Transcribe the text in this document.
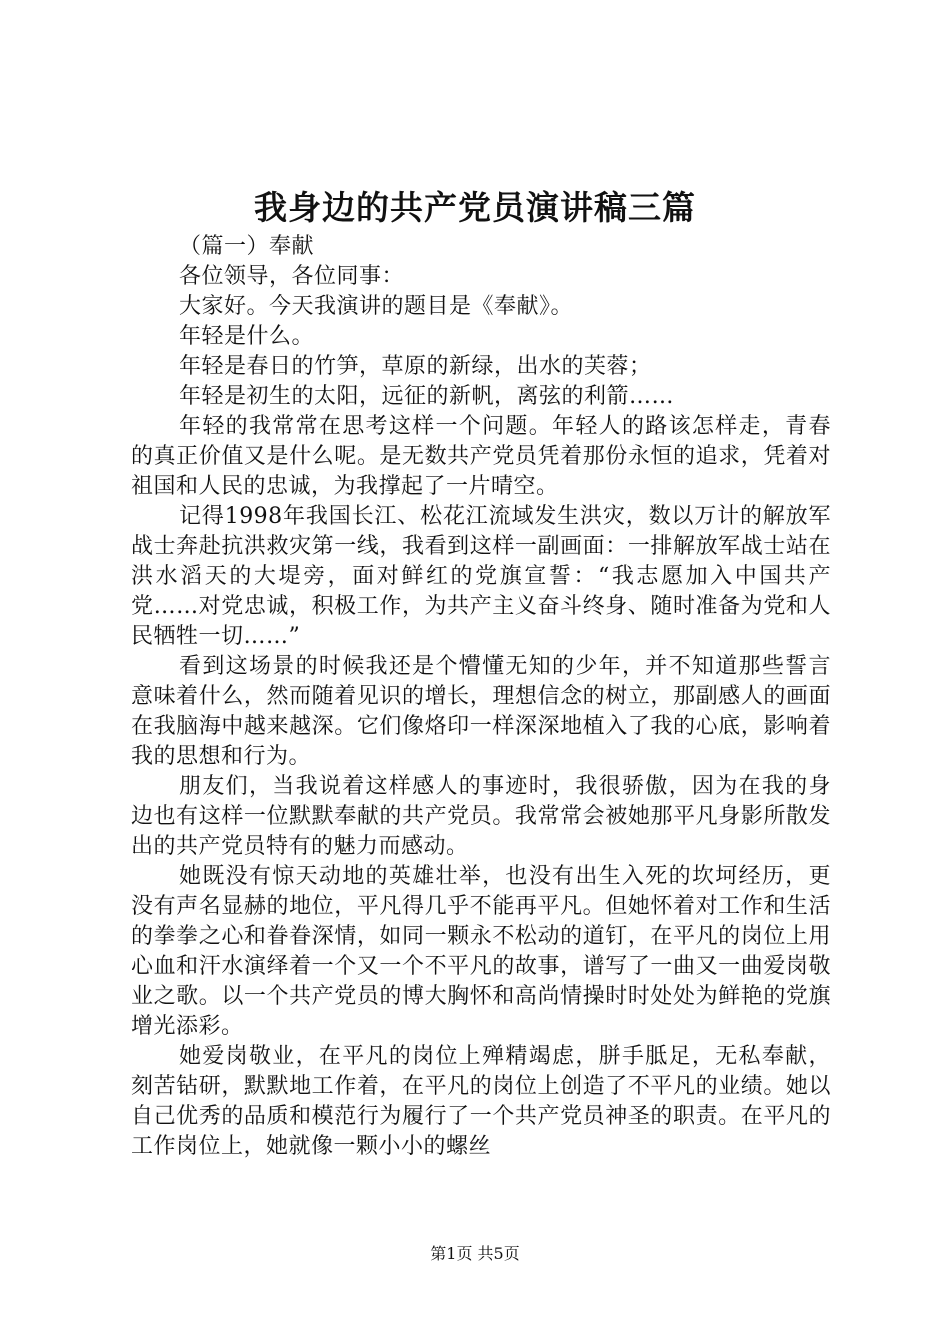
我身边的共产党员演讲稿三篇

（篇一）奉献

各位领导，各位同事：

大家好。今天我演讲的题目是《奉献》。

年轻是什么。

年轻是春日的竹笋，草原的新绿，出水的芙蓉；

年轻是初生的太阳，远征的新帆，离弦的利箭……

年轻的我常常在思考这样一个问题。年轻人的路该怎样走，青春的真正价值又是什么呢。是无数共产党员凭着那份永恒的追求，凭着对祖国和人民的忠诚，为我撑起了一片晴空。

记得1998年我国长江、松花江流域发生洪灾，数以万计的解放军战士奔赴抗洪救灾第一线，我看到这样一副画面：一排解放军战士站在洪水滔天的大堤旁，面对鲜红的党旗宣誓：“我志愿加入中国共产党……对党忠诚，积极工作，为共产主义奋斗终身、随时准备为党和人民牺牲一切……”

看到这场景的时候我还是个懵懂无知的少年，并不知道那些誓言意味着什么，然而随着见识的增长，理想信念的树立，那副感人的画面在我脑海中越来越深。它们像烙印一样深深地植入了我的心底，影响着我的思想和行为。

朋友们，当我说着这样感人的事迹时，我很骄傲，因为在我的身边也有这样一位默默奉献的共产党员。我常常会被她那平凡身影所散发出的共产党员特有的魅力而感动。

她既没有惊天动地的英雄壮举，也没有出生入死的坎坷经历，更没有声名显赫的地位，平凡得几乎不能再平凡。但她怀着对工作和生活的拳拳之心和眷眷深情，如同一颗永不松动的道钉，在平凡的岗位上用心血和汗水演绎着一个又一个不平凡的故事，谱写了一曲又一曲爱岗敬业之歌。以一个共产党员的博大胸怀和高尚情操时时处处为鲜艳的党旗增光添彩。

她爱岗敬业，在平凡的岗位上殚精竭虑，胼手胝足，无私奉献，刻苦钻研，默默地工作着，在平凡的岗位上创造了不平凡的业绩。她以自己优秀的品质和模范行为履行了一个共产党员神圣的职责。在平凡的工作岗位上，她就像一颗小小的螺丝

第1页 共5页
